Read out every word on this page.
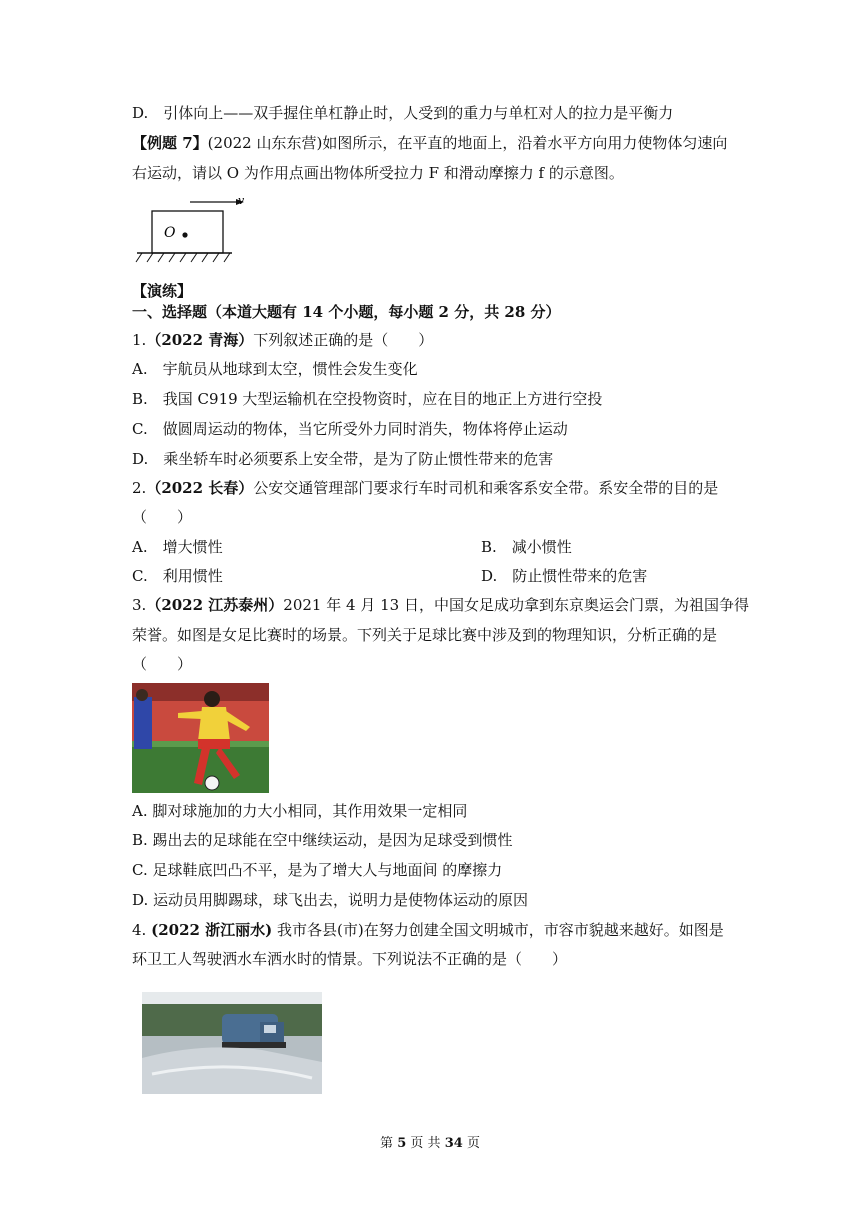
D.　引体向上——双手握住单杠静止时，人受到的重力与单杠对人的拉力是平衡力
【例题 7】(2022 山东东营)如图所示，在平直的地面上，沿着水平方向用力使物体匀速向
右运动，请以 O 为作用点画出物体所受拉力 F 和滑动摩擦力 f 的示意图。
v
O
【演练】
一、选择题（本道大题有 14 个小题，每小题 2 分，共 28 分）
1.（2022 青海）下列叙述正确的是（　　）
A.　宇航员从地球到太空，惯性会发生变化
B.　我国 C919 大型运输机在空投物资时，应在目的地正上方进行空投
C.　做圆周运动的物体，当它所受外力同时消失，物体将停止运动
D.　乘坐轿车时必须要系上安全带，是为了防止惯性带来的危害
2.（2022 长春）公安交通管理部门要求行车时司机和乘客系安全带。系安全带的目的是
（　　）
A.　增大惯性	B.　减小惯性
C.　利用惯性	D.　防止惯性带来的危害
3.（2022 江苏泰州）2021 年 4 月 13 日，中国女足成功拿到东京奥运会门票，为祖国争得
荣誉。如图是女足比赛时的场景。下列关于足球比赛中涉及到的物理知识，分析正确的是
（　　）
A. 脚对球施加的力大小相同，其作用效果一定相同
B. 踢出去的足球能在空中继续运动，是因为足球受到惯性
C. 足球鞋底凹凸不平，是为了增大人与地面间 的摩擦力
D. 运动员用脚踢球，球飞出去，说明力是使物体运动的原因
4. (2022 浙江丽水) 我市各县(市)在努力创建全国文明城市，市容市貌越来越好。如图是
环卫工人驾驶洒水车洒水时的情景。下列说法不正确的是（　　）
第 5 页 共 34 页
